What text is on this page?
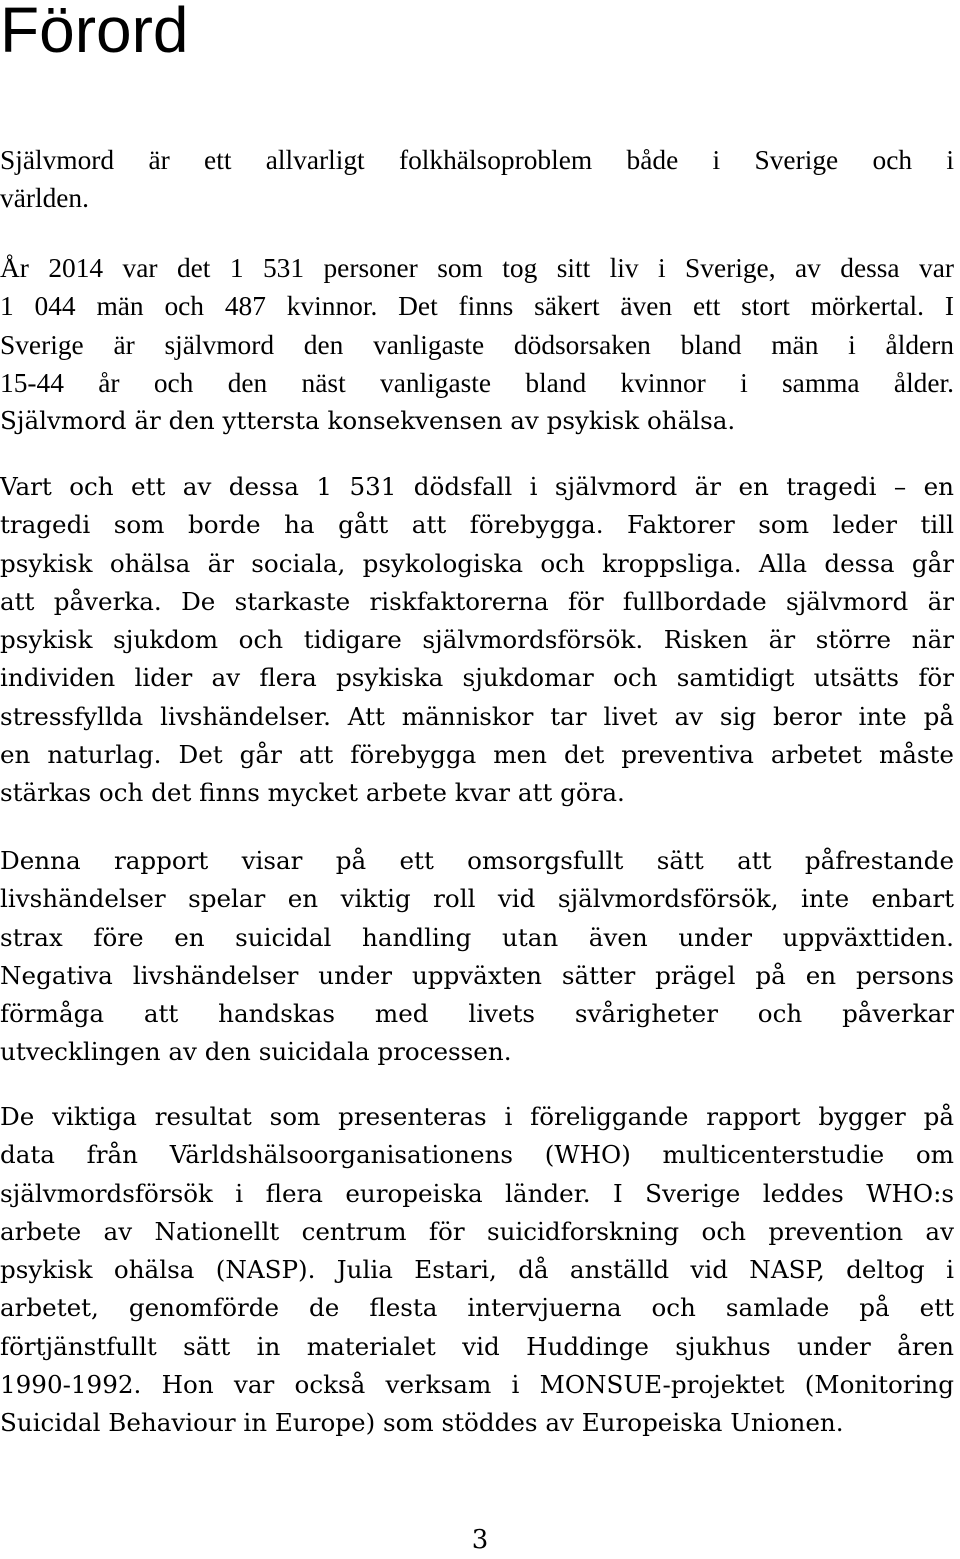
Förord
Självmord är ett allvarligt folkhälsoproblem både i Sverige och i
världen.
År 2014 var det 1 531 personer som tog sitt liv i Sverige, av dessa var
1 044 män och 487 kvinnor. Det finns säkert även ett stort mörkertal. I
Sverige är självmord den vanligaste dödsorsaken bland män i åldern
15-44 år och den näst vanligaste bland kvinnor i samma ålder.
Självmord är den yttersta konsekvensen av psykisk ohälsa.
Vart och ett av dessa 1 531 dödsfall i självmord är en tragedi – en
tragedi som borde ha gått att förebygga. Faktorer som leder till
psykisk ohälsa är sociala, psykologiska och kroppsliga. Alla dessa går
att påverka. De starkaste riskfaktorerna för fullbordade självmord är
psykisk sjukdom och tidigare självmordsförsök. Risken är större när
individen lider av flera psykiska sjukdomar och samtidigt utsätts för
stressfyllda livshändelser. Att människor tar livet av sig beror inte på
en naturlag. Det går att förebygga men det preventiva arbetet måste
stärkas och det finns mycket arbete kvar att göra.
Denna rapport visar på ett omsorgsfullt sätt att påfrestande
livshändelser spelar en viktig roll vid självmordsförsök, inte enbart
strax före en suicidal handling utan även under uppväxttiden.
Negativa livshändelser under uppväxten sätter prägel på en persons
förmåga att handskas med livets svårigheter och påverkar
utvecklingen av den suicidala processen.
De viktiga resultat som presenteras i föreliggande rapport bygger på
data från Världshälsoorganisationens (WHO) multicenterstudie om
självmordsförsök i flera europeiska länder. I Sverige leddes WHO:s
arbete av Nationellt centrum för suicidforskning och prevention av
psykisk ohälsa (NASP). Julia Estari, då anställd vid NASP, deltog i
arbetet, genomförde de flesta intervjuerna och samlade på ett
förtjänstfullt sätt in materialet vid Huddinge sjukhus under åren
1990-1992. Hon var också verksam i MONSUE-projektet (Monitoring
Suicidal Behaviour in Europe) som stöddes av Europeiska Unionen.
3
